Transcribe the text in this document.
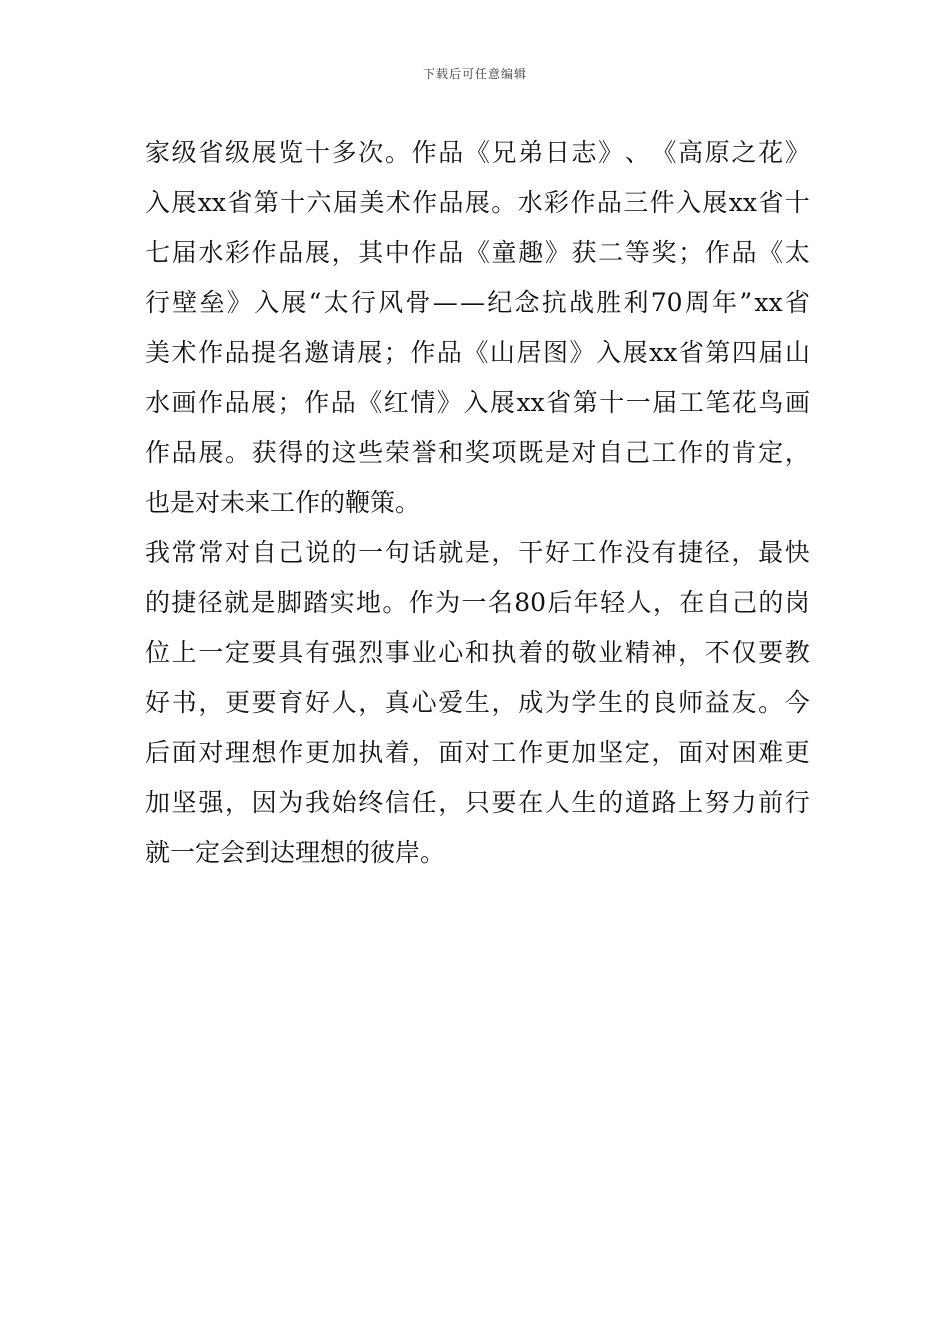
下载后可任意编辑
家 级 省 级 展 览 十 多 次 。 作 品 《 兄 弟 日 志 》 、 《 高 原 之 花 》
入 展 xx 省 第 十 六 届 美 术 作 品 展 。 水 彩 作 品 三 件 入 展 xx 省 十
七 届 水 彩 作 品 展 ， 其 中 作 品 《 童 趣 》 获 二 等 奖 ； 作 品 《 太
行 壁 垒 》 入 展 “ 太 行 风 骨 — — 纪 念 抗 战 胜 利 70 周 年 ” xx 省
美 术 作 品 提 名 邀 请 展 ； 作 品 《 山 居 图 》 入 展 xx 省 第 四 届 山
水 画 作 品 展 ； 作 品 《 红 情 》 入 展 xx 省 第 十 一 届 工 笔 花 鸟 画
作 品 展 。 获 得 的 这 些 荣 誉 和 奖 项 既 是 对 自 己 工 作 的 肯 定 ，
也是对未来工作的鞭策。
我 常 常 对 自 己 说 的 一 句 话 就 是 ， 干 好 工 作 没 有 捷 径 ， 最 快
的 捷 径 就 是 脚 踏 实 地 。 作 为 一 名 80 后 年 轻 人 ， 在 自 己 的 岗
位 上 一 定 要 具 有 强 烈 事 业 心 和 执 着 的 敬 业 精 神 ， 不 仅 要 教
好 书 ， 更 要 育 好 人 ， 真 心 爱 生 ， 成 为 学 生 的 良 师 益 友 。 今
后 面 对 理 想 作 更 加 执 着 ， 面 对 工 作 更 加 坚 定 ， 面 对 困 难 更
加 坚 强 ， 因 为 我 始 终 信 任 ， 只 要 在 人 生 的 道 路 上 努 力 前 行
就一定会到达理想的彼岸。
